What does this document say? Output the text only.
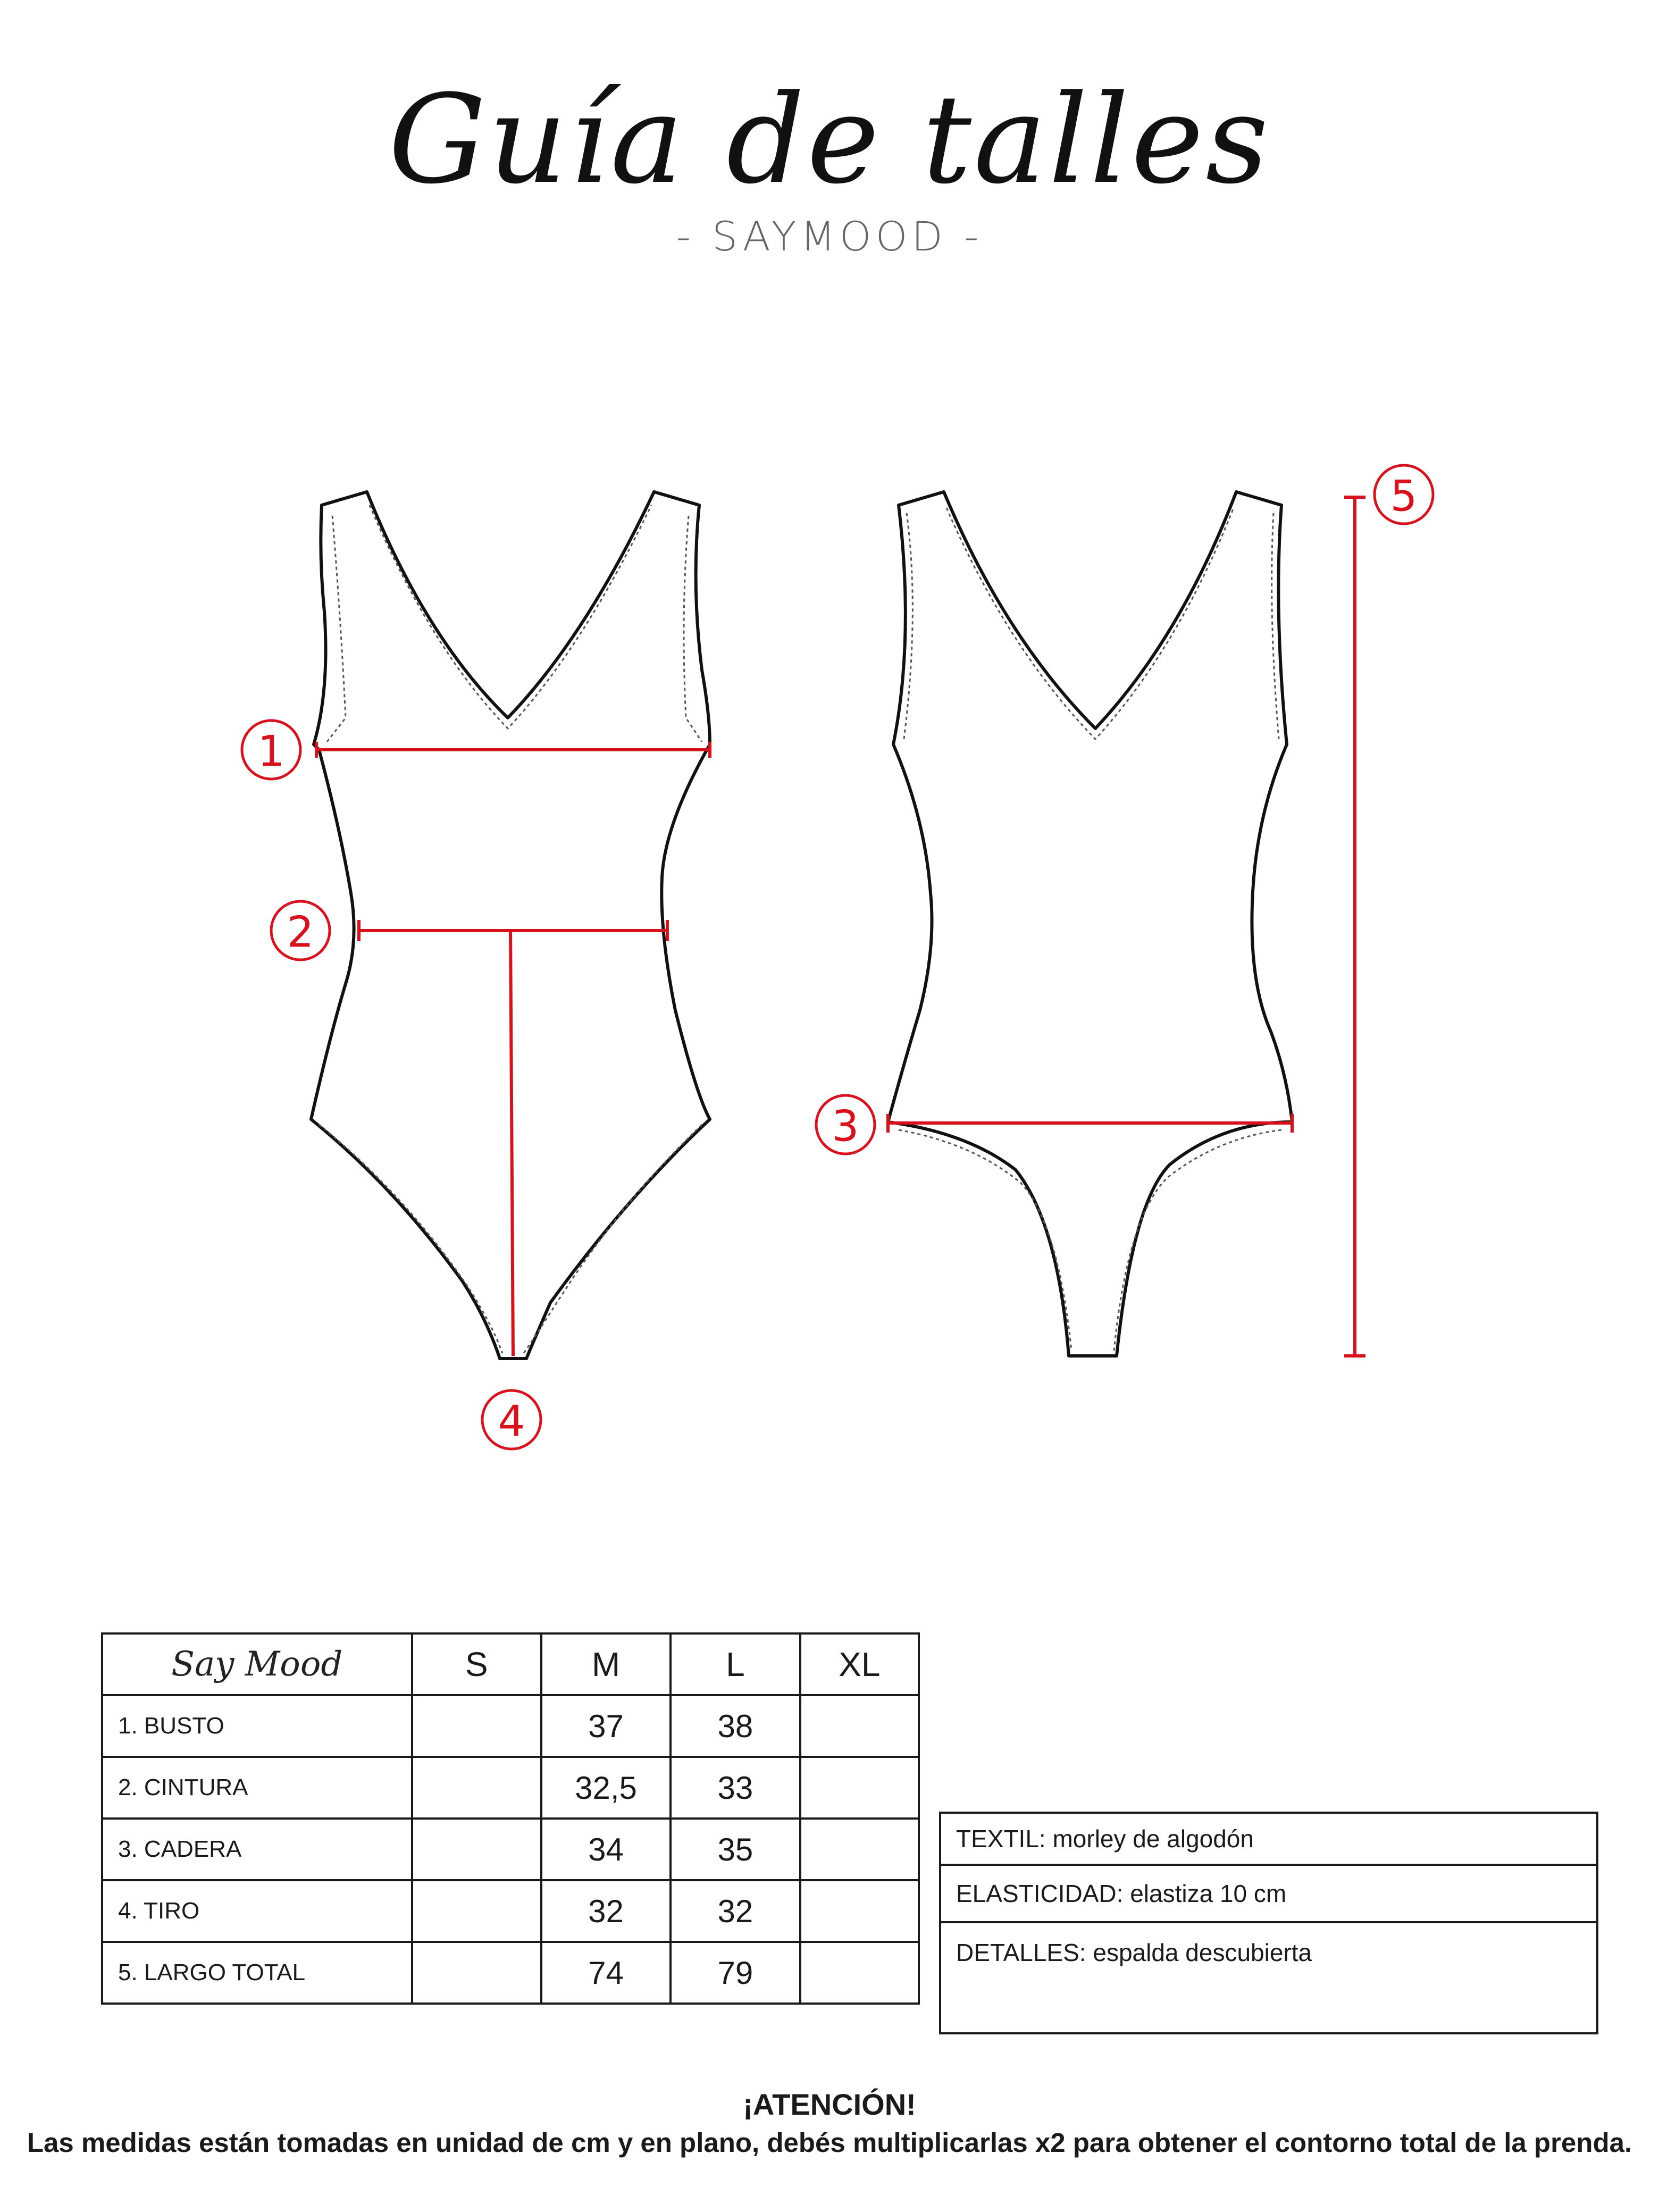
Guía de talles
- SAYMOOD -
1
2
3
4
5
Say Mood	S	M	L	XL
1. BUSTO		37	38	
2. CINTURA		32,5	33	
3. CADERA		34	35	
4. TIRO		32	32	
5. LARGO TOTAL		74	79	
TEXTIL: morley de algodón
ELASTICIDAD: elastiza 10 cm
DETALLES: espalda descubierta
¡ATENCIÓN!
Las medidas están tomadas en unidad de cm y en plano, debés multiplicarlas x2 para obtener el contorno total de la prenda.
